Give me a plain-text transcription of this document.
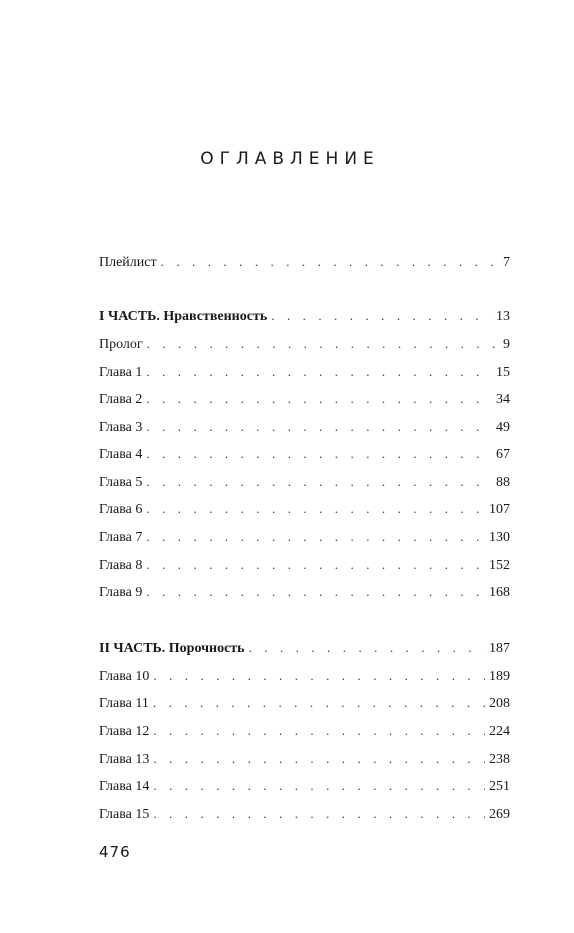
ОГЛАВЛЕНИЕ
Плейлист . . .	7
I ЧАСТЬ. Нравственность . . .	13
Пролог . . .	9
Глава 1 . . .	15
Глава 2 . . .	34
Глава 3 . . .	49
Глава 4 . . .	67
Глава 5 . . .	88
Глава 6 . . .	107
Глава 7 . . .	130
Глава 8 . . .	152
Глава 9 . . .	168
II ЧАСТЬ. Порочность . . .	187
Глава 10 . . .	189
Глава 11 . . .	208
Глава 12 . . .	224
Глава 13 . . .	238
Глава 14 . . .	251
Глава 15 . . .	269
476
